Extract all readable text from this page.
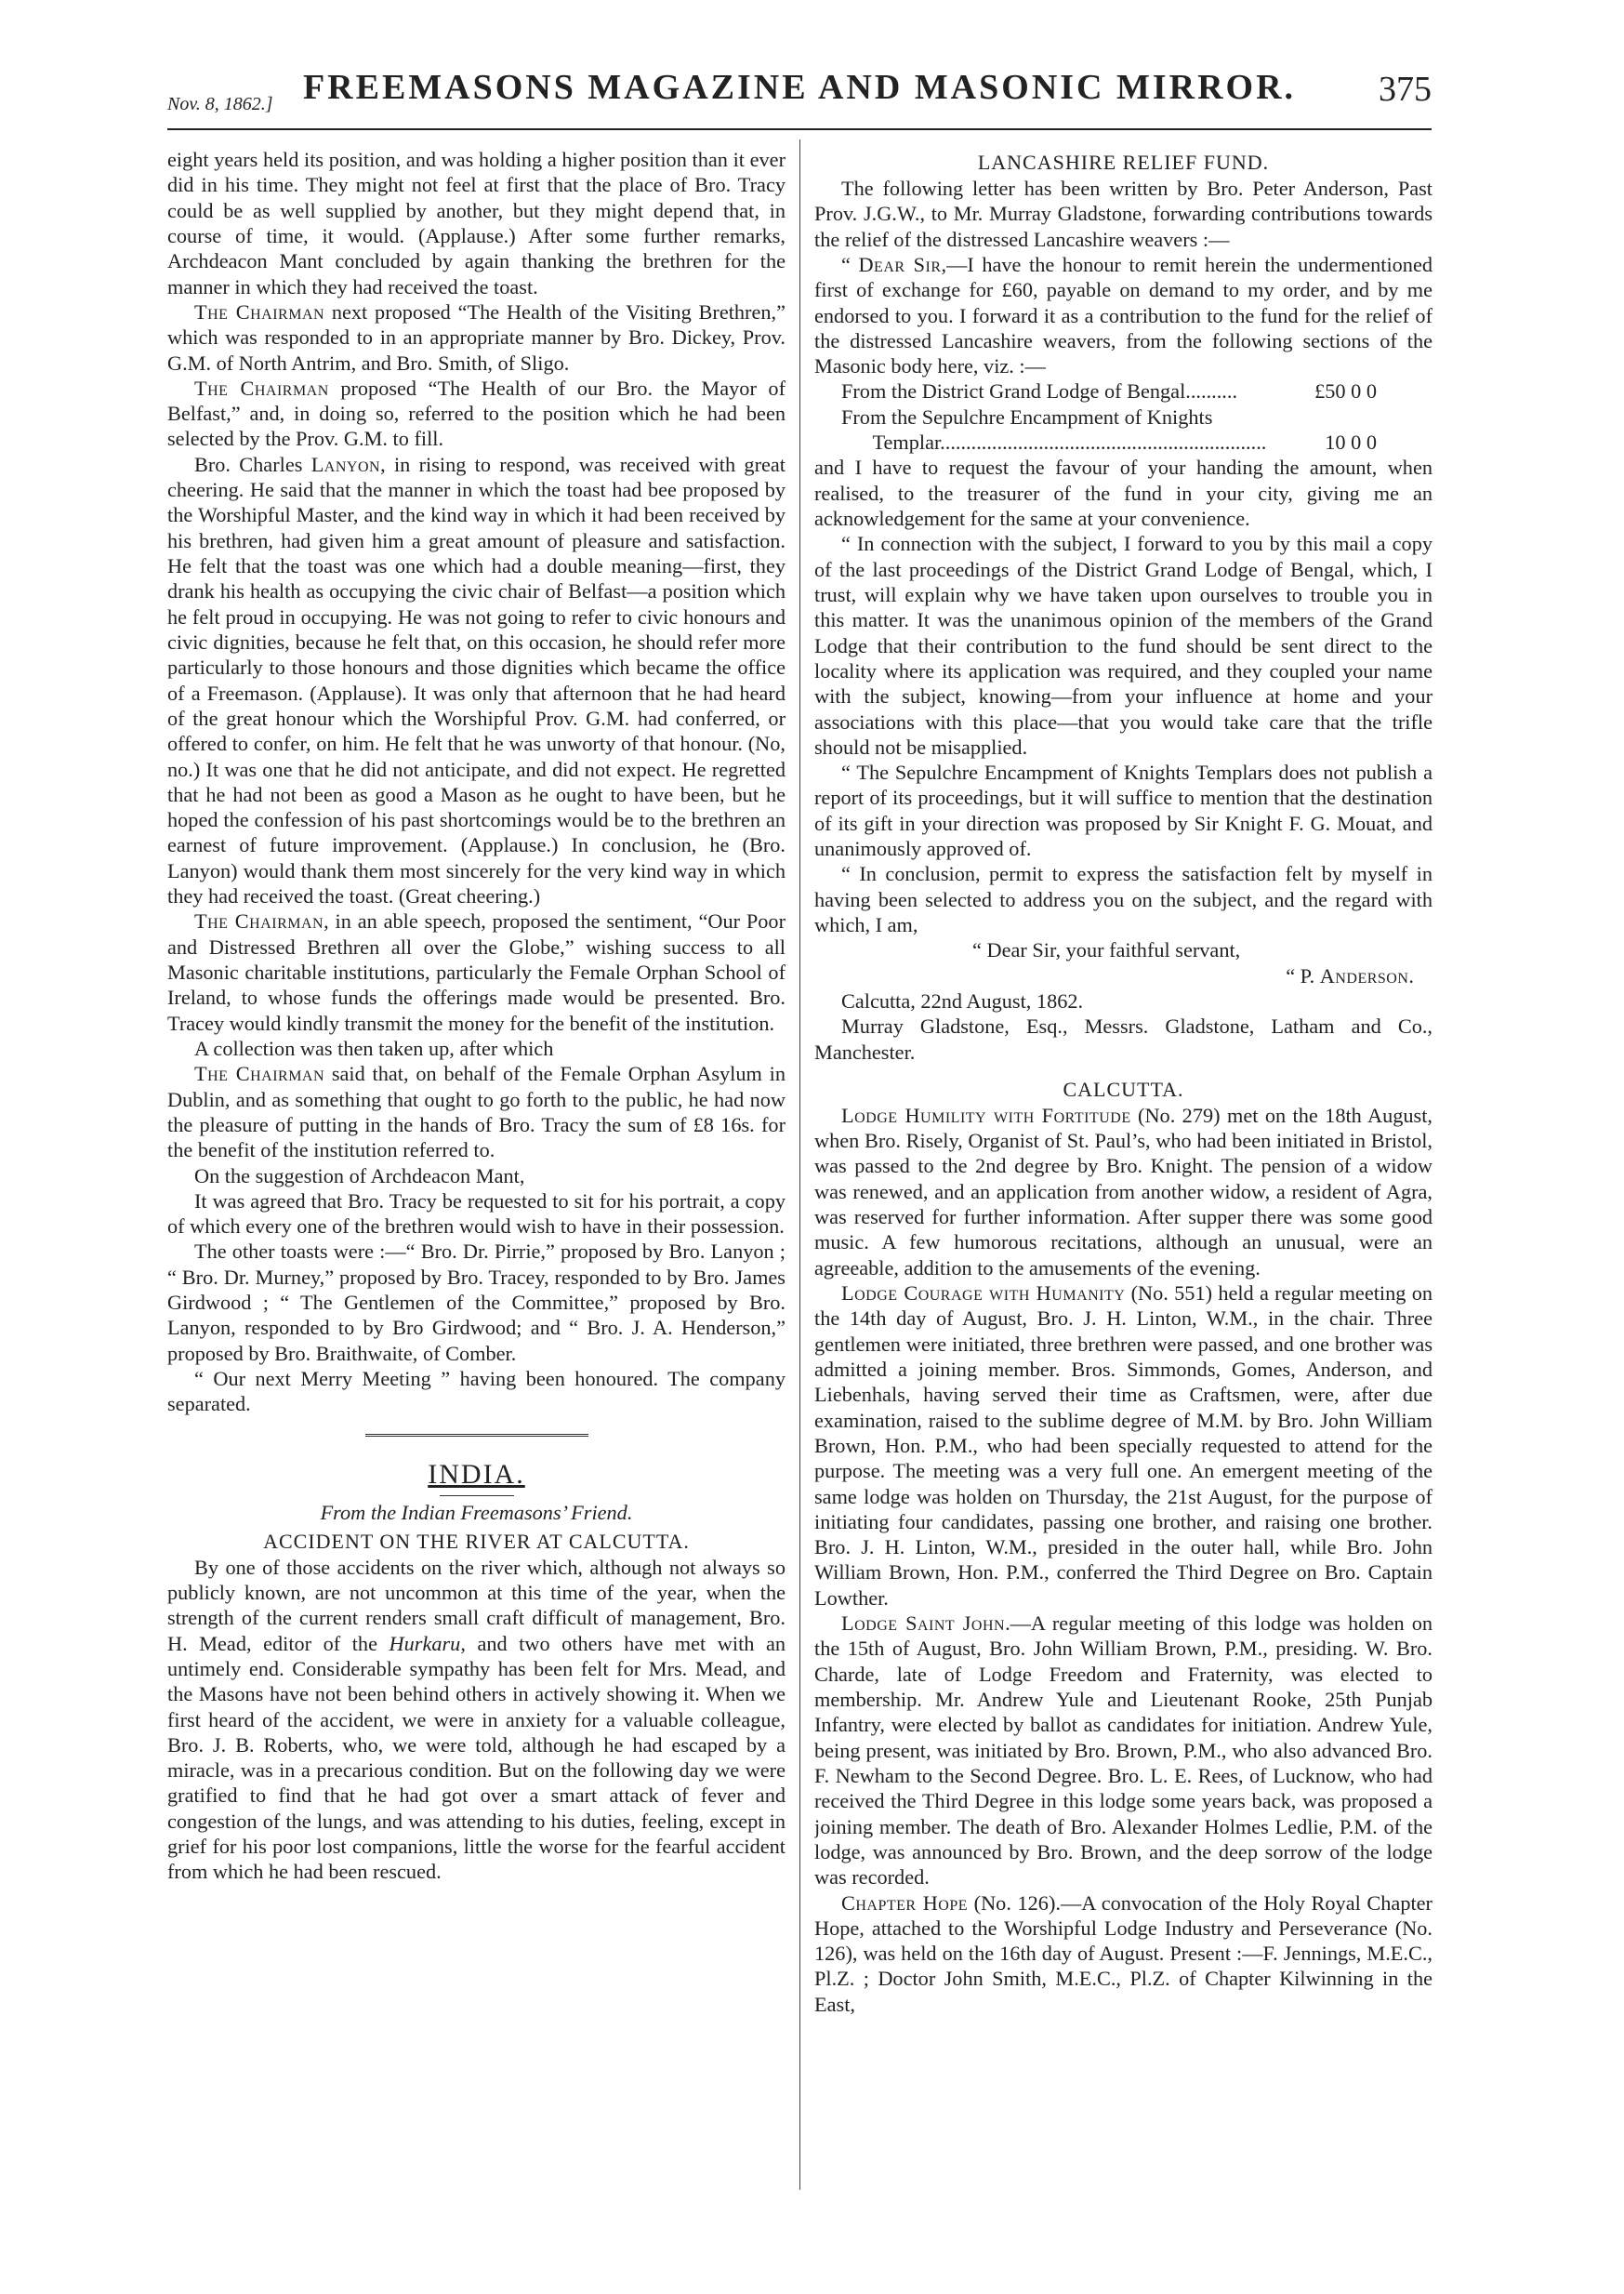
Nov. 8, 1862.] FREEMASONS MAGAZINE AND MASONIC MIRROR.	375

eight years held its position, and was holding a higher position than it ever did in his time. They might not feel at first that the place of Bro. Tracy could be as well supplied by another, but they might depend that, in course of time, it would. (Applause.) After some further remarks, Archdeacon Mant concluded by again thanking the brethren for the manner in which they had received the toast.

The Chairman next proposed “The Health of the Visiting Brethren,” which was responded to in an appropriate manner by Bro. Dickey, Prov. G.M. of North Antrim, and Bro. Smith, of Sligo.

The Chairman proposed “The Health of our Bro. the Mayor of Belfast,” and, in doing so, referred to the position which he had been selected by the Prov. G.M. to fill.

Bro. Charles Lanyon, in rising to respond, was received with great cheering. He said that the manner in which the toast had bee proposed by the Worshipful Master, and the kind way in which it had been received by his brethren, had given him a great amount of pleasure and satisfaction. He felt that the toast was one which had a double meaning—first, they drank his health as occupying the civic chair of Belfast—a position which he felt proud in occupying. He was not going to refer to civic honours and civic dignities, because he felt that, on this occasion, he should refer more particularly to those honours and those dignities which became the office of a Freemason. (Applause). It was only that afternoon that he had heard of the great honour which the Worshipful Prov. G.M. had conferred, or offered to confer, on him. He felt that he was unworty of that honour. (No, no.) It was one that he did not anticipate, and did not expect. He regretted that he had not been as good a Mason as he ought to have been, but he hoped the confession of his past shortcomings would be to the brethren an earnest of future improvement. (Applause.) In conclusion, he (Bro. Lanyon) would thank them most sincerely for the very kind way in which they had received the toast. (Great cheering.)

The Chairman, in an able speech, proposed the sentiment, “Our Poor and Distressed Brethren all over the Globe,” wishing success to all Masonic charitable institutions, particularly the Female Orphan School of Ireland, to whose funds the offerings made would be presented. Bro. Tracey would kindly transmit the money for the benefit of the institution.

A collection was then taken up, after which

The Chairman said that, on behalf of the Female Orphan Asylum in Dublin, and as something that ought to go forth to the public, he had now the pleasure of putting in the hands of Bro. Tracy the sum of £8 16s. for the benefit of the institution referred to.

On the suggestion of Archdeacon Mant,

It was agreed that Bro. Tracy be requested to sit for his portrait, a copy of which every one of the brethren would wish to have in their possession.

The other toasts were :—“ Bro. Dr. Pirrie,” proposed by Bro. Lanyon ; “ Bro. Dr. Murney,” proposed by Bro. Tracey, responded to by Bro. James Girdwood ; “ The Gentlemen of the Committee,” proposed by Bro. Lanyon, responded to by Bro Girdwood; and “ Bro. J. A. Henderson,” proposed by Bro. Braithwaite, of Comber.

“ Our next Merry Meeting ” having been honoured. The company separated.

INDIA.

From the Indian Freemasons’ Friend.

ACCIDENT ON THE RIVER AT CALCUTTA.

By one of those accidents on the river which, although not always so publicly known, are not uncommon at this time of the year, when the strength of the current renders small craft difficult of management, Bro. H. Mead, editor of the Hurkaru, and two others have met with an untimely end. Considerable sympathy has been felt for Mrs. Mead, and the Masons have not been behind others in actively showing it. When we first heard of the accident, we were in anxiety for a valuable colleague, Bro. J. B. Roberts, who, we were told, although he had escaped by a miracle, was in a precarious condition. But on the following day we were gratified to find that he had got over a smart attack of fever and congestion of the lungs, and was attending to his duties, feeling, except in grief for his poor lost companions, little the worse for the fearful accident from which he had been rescued.

LANCASHIRE RELIEF FUND.

The following letter has been written by Bro. Peter Anderson, Past Prov. J.G.W., to Mr. Murray Gladstone, forwarding contributions towards the relief of the distressed Lancashire weavers :—

“ Dear Sir,—I have the honour to remit herein the undermentioned first of exchange for £60, payable on demand to my order, and by me endorsed to you. I forward it as a contribution to the fund for the relief of the distressed Lancashire weavers, from the following sections of the Masonic body here, viz. :—

From the District Grand Lodge of Bengal..........	£50 0 0

From the Sepulchre Encampment of Knights

Templar...............................................................	10 0 0

and I have to request the favour of your handing the amount, when realised, to the treasurer of the fund in your city, giving me an acknowledgement for the same at your convenience.

“ In connection with the subject, I forward to you by this mail a copy of the last proceedings of the District Grand Lodge of Bengal, which, I trust, will explain why we have taken upon ourselves to trouble you in this matter. It was the unanimous opinion of the members of the Grand Lodge that their contribution to the fund should be sent direct to the locality where its application was required, and they coupled your name with the subject, knowing—from your influence at home and your associations with this place—that you would take care that the trifle should not be misapplied.

“ The Sepulchre Encampment of Knights Templars does not publish a report of its proceedings, but it will suffice to mention that the destination of its gift in your direction was proposed by Sir Knight F. G. Mouat, and unanimously approved of.

“ In conclusion, permit to express the satisfaction felt by myself in having been selected to address you on the subject, and the regard with which, I am,

“ Dear Sir, your faithful servant,

“ P. Anderson.

Calcutta, 22nd August, 1862.

Murray Gladstone, Esq., Messrs. Gladstone, Latham and Co., Manchester.

CALCUTTA.

Lodge Humility with Fortitude (No. 279) met on the 18th August, when Bro. Risely, Organist of St. Paul’s, who had been initiated in Bristol, was passed to the 2nd degree by Bro. Knight. The pension of a widow was renewed, and an application from another widow, a resident of Agra, was reserved for further information. After supper there was some good music. A few humorous recitations, although an unusual, were an agreeable, addition to the amusements of the evening.

Lodge Courage with Humanity (No. 551) held a regular meeting on the 14th day of August, Bro. J. H. Linton, W.M., in the chair. Three gentlemen were initiated, three brethren were passed, and one brother was admitted a joining member. Bros. Simmonds, Gomes, Anderson, and Liebenhals, having served their time as Craftsmen, were, after due examination, raised to the sublime degree of M.M. by Bro. John William Brown, Hon. P.M., who had been specially requested to attend for the purpose. The meeting was a very full one. An emergent meeting of the same lodge was holden on Thursday, the 21st August, for the purpose of initiating four candidates, passing one brother, and raising one brother. Bro. J. H. Linton, W.M., presided in the outer hall, while Bro. John William Brown, Hon. P.M., conferred the Third Degree on Bro. Captain Lowther.

Lodge Saint John.—A regular meeting of this lodge was holden on the 15th of August, Bro. John William Brown, P.M., presiding. W. Bro. Charde, late of Lodge Freedom and Fraternity, was elected to membership. Mr. Andrew Yule and Lieutenant Rooke, 25th Punjab Infantry, were elected by ballot as candidates for initiation. Andrew Yule, being present, was initiated by Bro. Brown, P.M., who also advanced Bro. F. Newham to the Second Degree. Bro. L. E. Rees, of Lucknow, who had received the Third Degree in this lodge some years back, was proposed a joining member. The death of Bro. Alexander Holmes Ledlie, P.M. of the lodge, was announced by Bro. Brown, and the deep sorrow of the lodge was recorded.

Chapter Hope (No. 126).—A convocation of the Holy Royal Chapter Hope, attached to the Worshipful Lodge Industry and Perseverance (No. 126), was held on the 16th day of August. Present :—F. Jennings, M.E.C., Pl.Z. ; Doctor John Smith, M.E.C., Pl.Z. of Chapter Kilwinning in the East,
